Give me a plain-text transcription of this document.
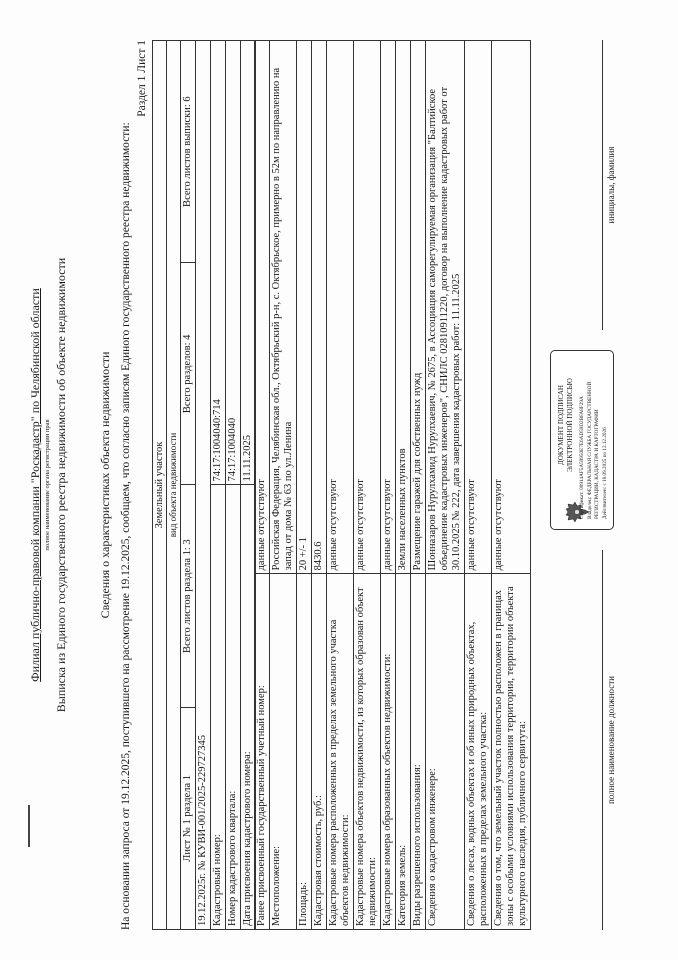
Филиал публично-правовой компании "Роскадастр" по Челябинской области полное наименование органа регистрации прав Выписка из Единого государственного реестра недвижимости об объекте недвижимости	Сведения о характеристиках объекта недвижимости На основании запроса от 19.12.2025, поступившего на рассмотрение 19.12.2025, сообщаем, что согласно записям Единого государственного реестра недвижимости:
Раздел 1 Лист 1
Земельный участок вид объекта недвижимости			

Лист № 1 раздела 1	Всего листов раздела 1: 3	Всего разделов: 4	Всего листов выписки: 6
19.12.2025г. № КУВИ-001/2025-229727345			
Кадастровый номер:		74:17:1004040:714	
Номер кадастрового квартала:		74:17:1004040	
Дата присвоения кадастрового номера:		11.11.2025	
Ранее присвоенный государственный учетный номер:	данные отсутствуют
Местоположение:	Российская Федерация, Челябинская обл., Октябрьский р-н, с. Октябрьское, примерно в 52м по направлению на запад от дома № 63 по ул.Ленина
Площадь:	20 +/- 1
Кадастровая стоимость, руб.:	8430.6
Кадастровые номера расположенных в пределах земельного участка объектов недвижимости:	данные отсутствуют
Кадастровые номера объектов недвижимости, из которых образован объект недвижимости:	данные отсутствуют
Кадастровые номера образованных объектов недвижимости:	данные отсутствуют
Категория земель:	Земли населенных пунктов
Виды разрешенного использования:	Размещение гаражей для собственных нужд
Сведения о кадастровом инженере:	Шонназаров Нурулхамид Нурулхаевич, № 2675, в Ассоциация саморегулируемая организация "Балтийское объединение кадастровых инженеров", СНИЛС 02810911220, договор на выполнение кадастровых работ от 30.10.2025 № 222, дата завершения кадастровых работ: 11.11.2025
Сведения о лесах, водных объектах и об иных природных объектах, расположенных в пределах земельного участка:	данные отсутствуют
Сведения о том, что земельный участок полностью расположен в границах зоны с особыми условиями использования территории, территории объекта культурного наследия, публичного сервитута:	данные отсутствуют
полное наименование должности
ДОКУМЕНТ ПОДПИСАН ЭЛЕКТРОННОЙ ПОДПИСЬЮ Сертификат: 00914AF5A59950E7E6AD59D2BFA8F29A Владелец: ФЕДЕРАЛЬНАЯ СЛУЖБА ГОСУДАРСТВЕННОЙ РЕГИСТРАЦИИ, КАДАСТРА И КАРТОГРАФИИ Действителен: с 18.09.2025 по 12.12.2026
инициалы, фамилия
